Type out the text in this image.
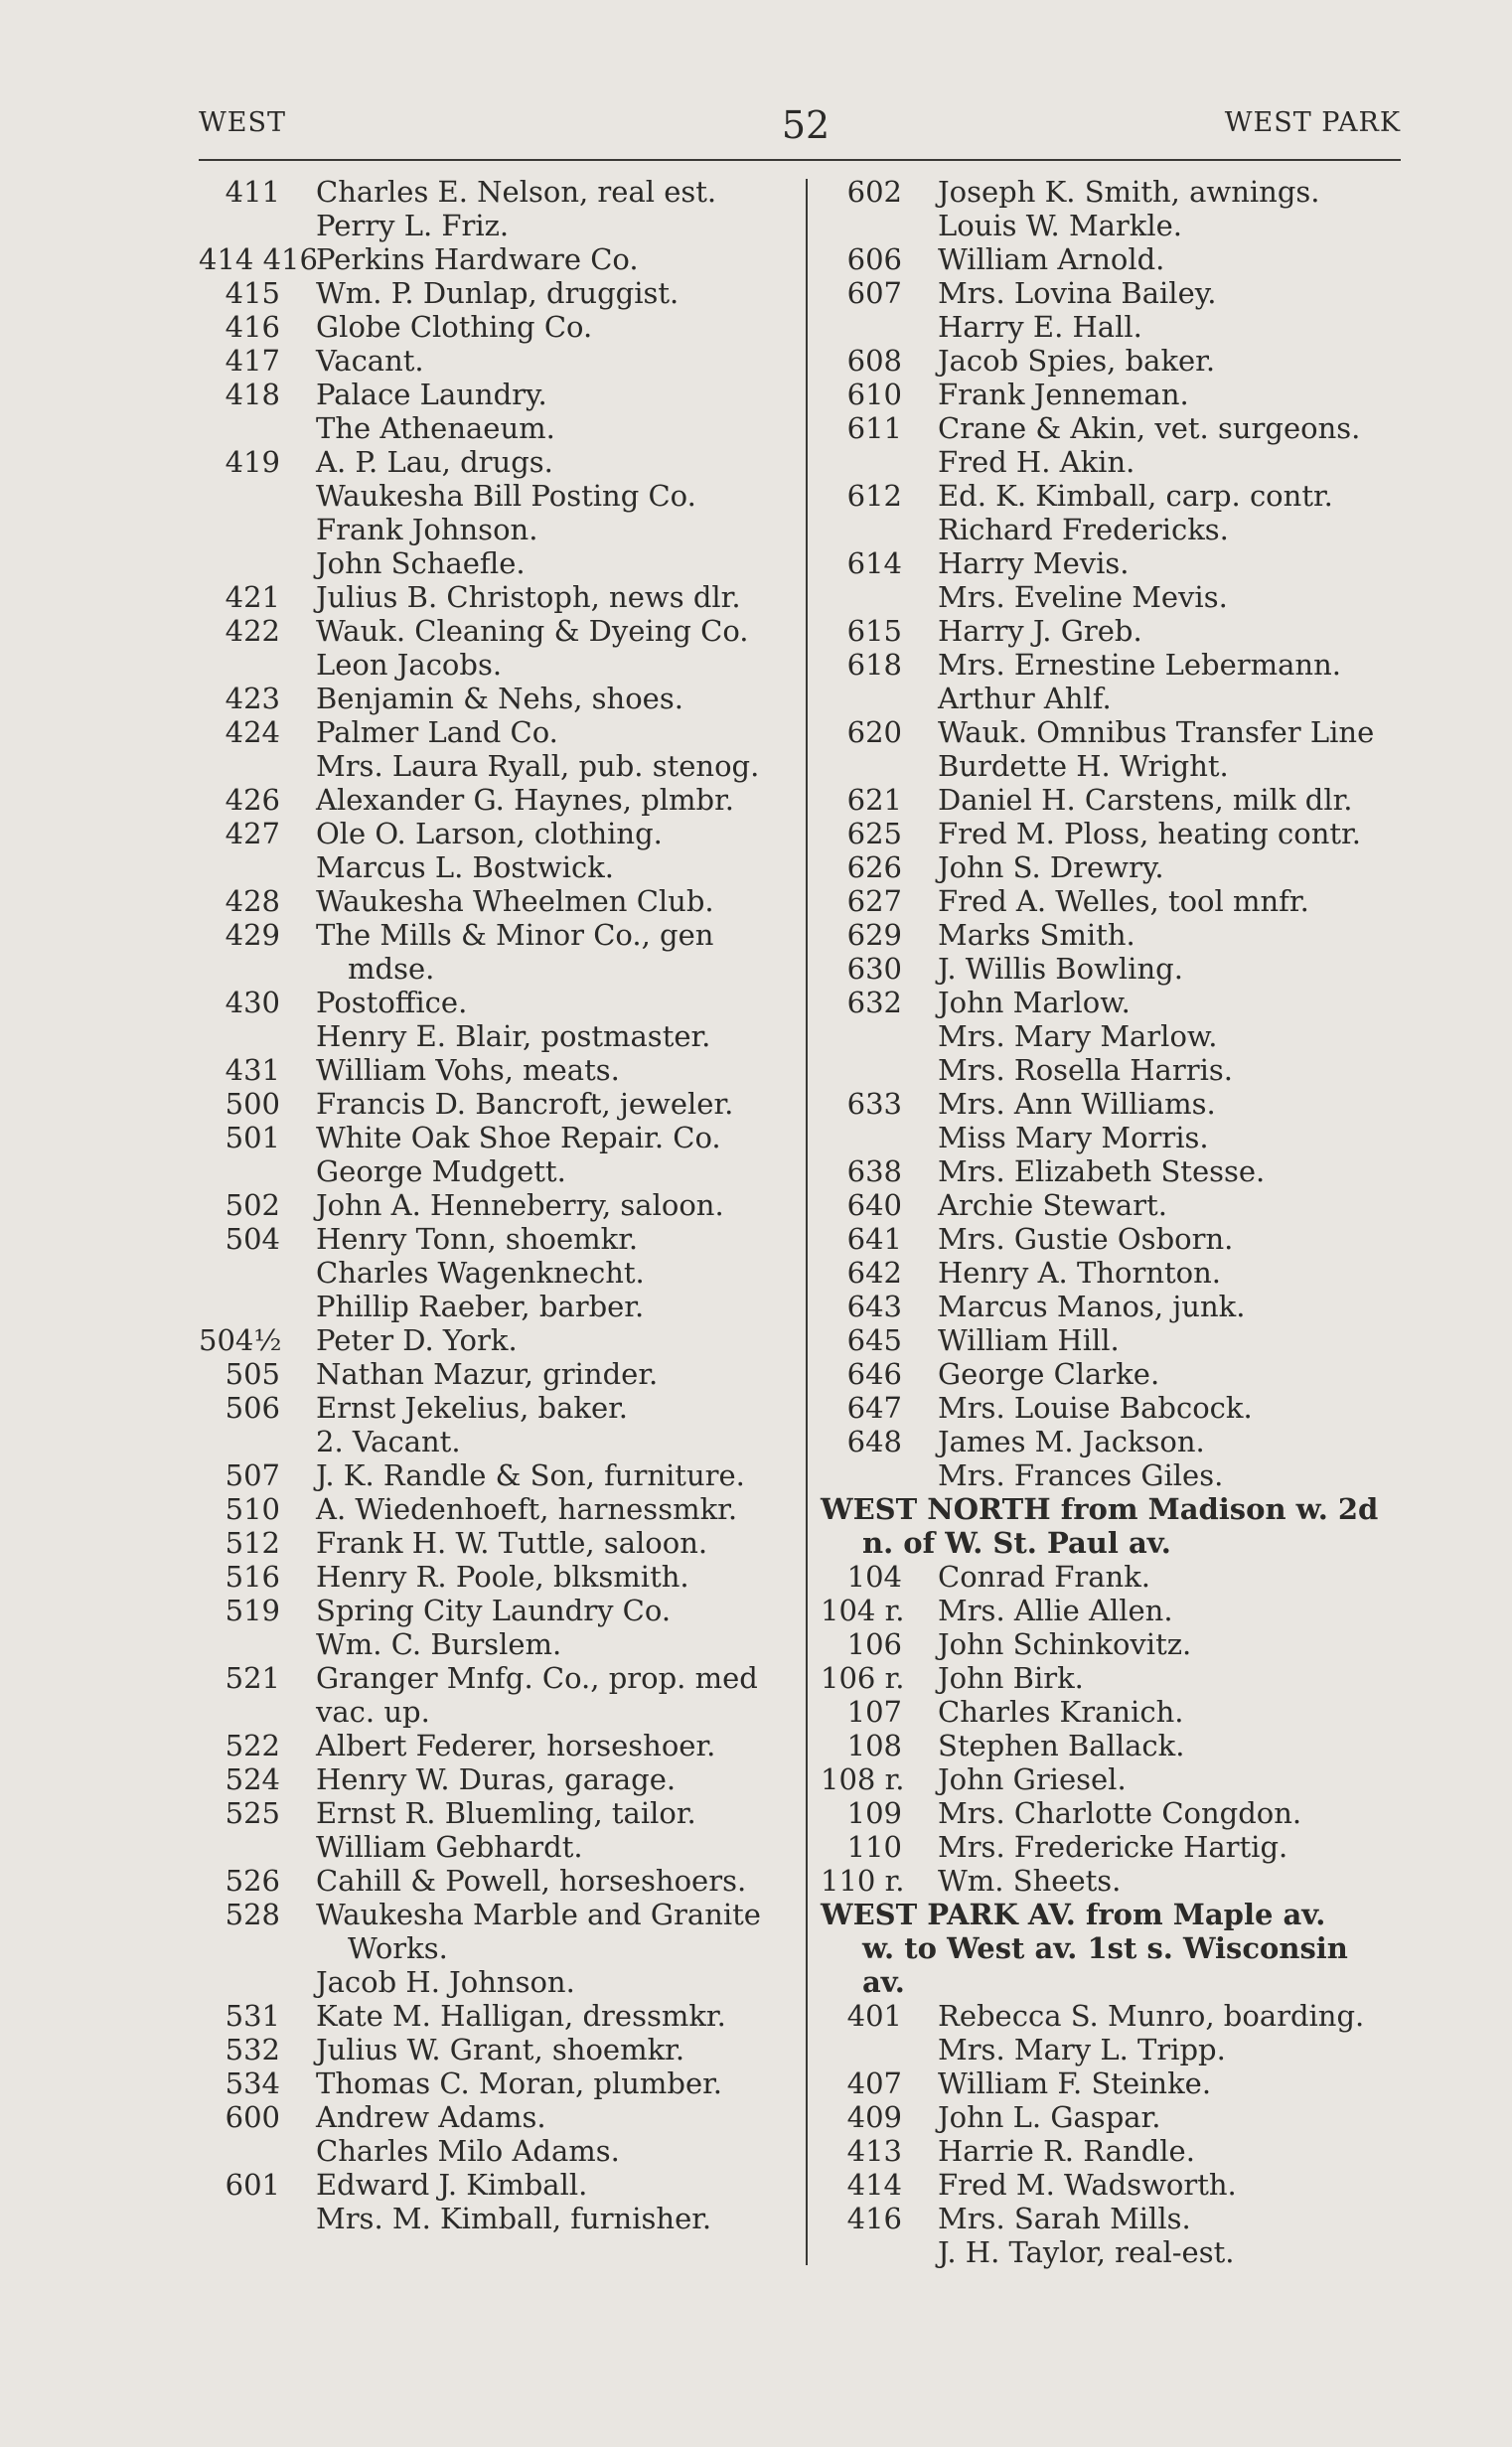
WEST	52	WEST PARK
411 Charles E. Nelson, real est.
Perry L. Friz.
414 416
Perkins Hardware Co.
415 Wm. P. Dunlap, druggist.
416 Globe Clothing Co.
417 Vacant.
418 Palace Laundry.
The Athenaeum.
419 A. P. Lau, drugs.
Waukesha Bill Posting Co.
Frank Johnson.
John Schaefle.
421 Julius B. Christoph, news dlr.
422 Wauk. Cleaning & Dyeing Co.
Leon Jacobs.
423 Benjamin & Nehs, shoes.
424 Palmer Land Co.
Mrs. Laura Ryall, pub. stenog.
426 Alexander G. Haynes, plmbr.
427 Ole O. Larson, clothing.
Marcus L. Bostwick.
428 Waukesha Wheelmen Club.
429 The Mills & Minor Co., gen
mdse.
430 Postoffice.
Henry E. Blair, postmaster.
431 William Vohs, meats.
500 Francis D. Bancroft, jeweler.
501 White Oak Shoe Repair. Co.
George Mudgett.
502 John A. Henneberry, saloon.
504 Henry Tonn, shoemkr.
Charles Wagenknecht.
Phillip Raeber, barber.
504½ Peter D. York.
505 Nathan Mazur, grinder.
506 Ernst Jekelius, baker.
2. Vacant.
507 J. K. Randle & Son, furniture.
510 A. Wiedenhoeft, harnessmkr.
512 Frank H. W. Tuttle, saloon.
516 Henry R. Poole, blksmith.
519 Spring City Laundry Co.
Wm. C. Burslem.
521 Granger Mnfg. Co., prop. med
vac. up.
522 Albert Federer, horseshoer.
524 Henry W. Duras, garage.
525 Ernst R. Bluemling, tailor.
William Gebhardt.
526 Cahill & Powell, horseshoers.
528 Waukesha Marble and Granite
Works.
Jacob H. Johnson.
531 Kate M. Halligan, dressmkr.
532 Julius W. Grant, shoemkr.
534 Thomas C. Moran, plumber.
600 Andrew Adams.
Charles Milo Adams.
601 Edward J. Kimball.
Mrs. M. Kimball, furnisher.
602 Joseph K. Smith, awnings.
Louis W. Markle.
606 William Arnold.
607 Mrs. Lovina Bailey.
Harry E. Hall.
608 Jacob Spies, baker.
610 Frank Jenneman.
611 Crane & Akin, vet. surgeons.
Fred H. Akin.
612 Ed. K. Kimball, carp. contr.
Richard Fredericks.
614 Harry Mevis.
Mrs. Eveline Mevis.
615 Harry J. Greb.
618 Mrs. Ernestine Lebermann.
Arthur Ahlf.
620 Wauk. Omnibus Transfer Line
Burdette H. Wright.
621 Daniel H. Carstens, milk dlr.
625 Fred M. Ploss, heating contr.
626 John S. Drewry.
627 Fred A. Welles, tool mnfr.
629 Marks Smith.
630 J. Willis Bowling.
632 John Marlow.
Mrs. Mary Marlow.
Mrs. Rosella Harris.
633 Mrs. Ann Williams.
Miss Mary Morris.
638 Mrs. Elizabeth Stesse.
640 Archie Stewart.
641 Mrs. Gustie Osborn.
642 Henry A. Thornton.
643 Marcus Manos, junk.
645 William Hill.
646 George Clarke.
647 Mrs. Louise Babcock.
648 James M. Jackson.
Mrs. Frances Giles.
WEST NORTH from Madison w. 2d
n. of W. St. Paul av.
104 Conrad Frank.
104 r. Mrs. Allie Allen.
106 John Schinkovitz.
106 r. John Birk.
107 Charles Kranich.
108 Stephen Ballack.
108 r. John Griesel.
109 Mrs. Charlotte Congdon.
110 Mrs. Fredericke Hartig.
110 r. Wm. Sheets.
WEST PARK AV. from Maple av.
w. to West av. 1st s. Wisconsin
av.
401 Rebecca S. Munro, boarding.
Mrs. Mary L. Tripp.
407 William F. Steinke.
409 John L. Gaspar.
413 Harrie R. Randle.
414 Fred M. Wadsworth.
416 Mrs. Sarah Mills.
J. H. Taylor, real-est.
